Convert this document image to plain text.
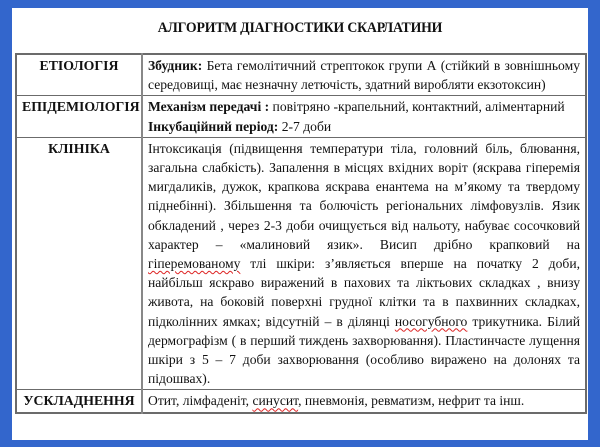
АЛГОРИТМ ДІАГНОСТИКИ СКАРЛАТИНИ
ЕТІОЛОГІЯ	Збудник: Бета гемолітичний стрептокок групи А (стійкий в зовнішньому середовищі, має незначну летючість, здатний виробляти екзотоксин)
ЕПІДЕМІОЛОГІЯ	Механізм передачі : повітряно -крапельний, контактний, аліментарний
Інкубаційний період: 2-7 доби

КЛІНІКА	Інтоксикація (підвищення температури тіла, головний біль, блювання, загальна слабкість). Запалення в місцях вхідних воріт (яскрава гіперемія мигдаликів, дужок, крапкова яскрава енантема на м’якому та твердому піднебінні). Збільшення та болючість регіональних лімфовузлів. Язик обкладений , через 2-3 доби очищується від нальоту, набуває сосочковий характер – «малиновий язик». Висип дрібно крапковий на гіперемованому тлі шкіри: з’являється вперше на початку 2 доби, найбільш яскраво виражений в пахових та ліктьових складках , внизу живота, на боковій поверхні грудної клітки та в пахвинних складках, підколінних ямках; відсутній – в ділянці носогубного трикутника. Білий дермографізм ( в перший тиждень захворювання). Пластинчасте лущення шкіри з 5 – 7 доби захворювання (особливо виражено на долонях та підошвах).
УСКЛАДНЕННЯ	Отит, лімфаденіт, синусит, пневмонія, ревматизм, нефрит та інш.
